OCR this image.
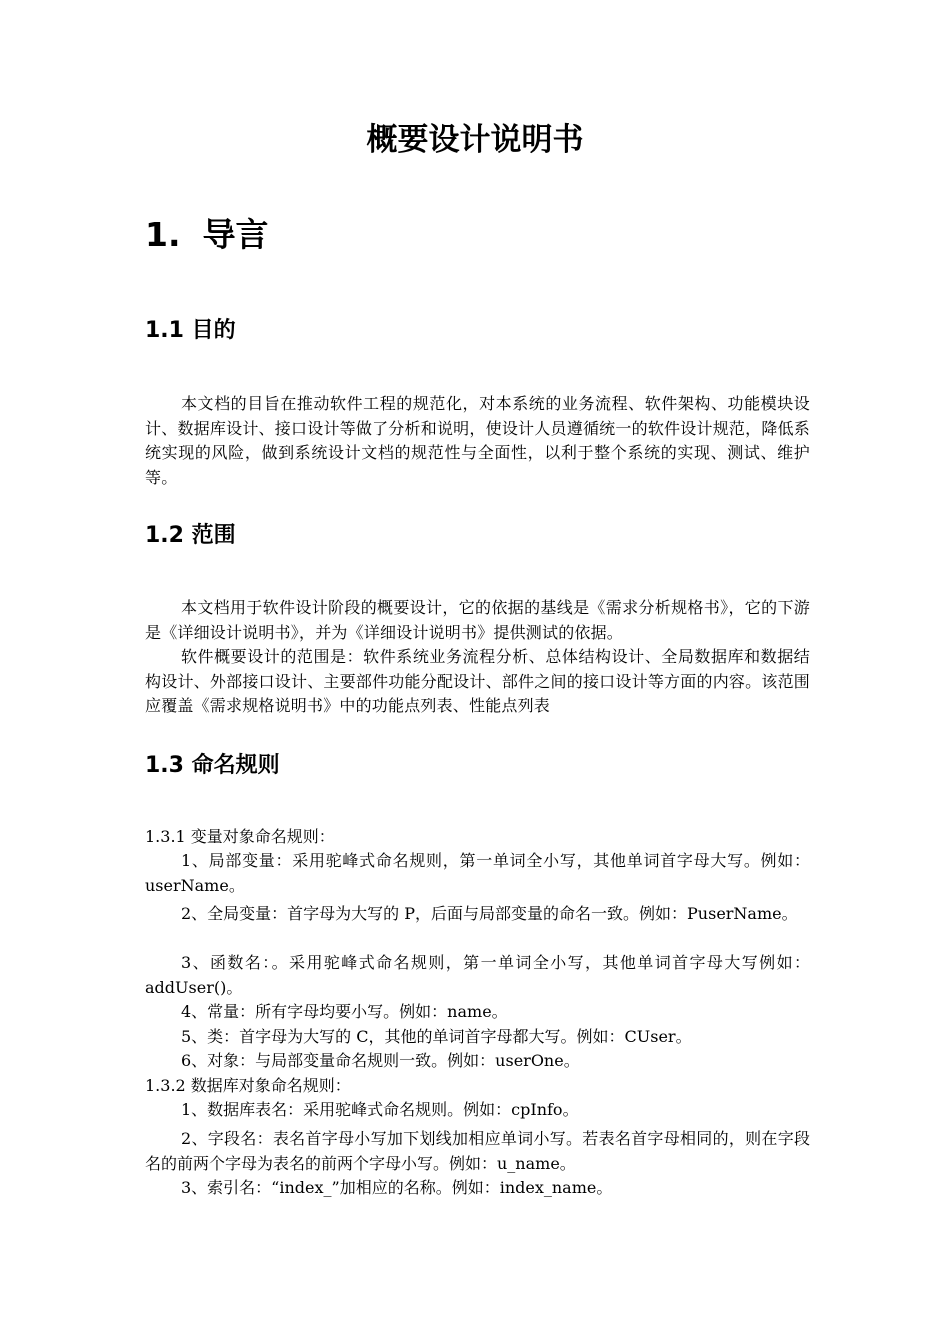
概要设计说明书
1. 导言
1.1 目的
本文档的目旨在推动软件工程的规范化，对本系统的业务流程、软件架构、功能模块设计、数据库设计、接口设计等做了分析和说明，使设计人员遵循统一的软件设计规范，降低系统实现的风险，做到系统设计文档的规范性与全面性，以利于整个系统的实现、测试、维护等。
1.2 范围
本文档用于软件设计阶段的概要设计，它的依据的基线是《需求分析规格书》，它的下游是《详细设计说明书》，并为《详细设计说明书》提供测试的依据。
软件概要设计的范围是：软件系统业务流程分析、总体结构设计、全局数据库和数据结构设计、外部接口设计、主要部件功能分配设计、部件之间的接口设计等方面的内容。该范围应覆盖《需求规格说明书》中的功能点列表、性能点列表
1.3 命名规则
1.3.1 变量对象命名规则：
1、局部变量：采用驼峰式命名规则，第一单词全小写，其他单词首字母大写。例如：userName。
2、全局变量：首字母为大写的 P，后面与局部变量的命名一致。例如：PuserName。
3、函数名：。采用驼峰式命名规则，第一单词全小写，其他单词首字母大写例如：addUser()。
4、常量：所有字母均要小写。例如：name。
5、类：首字母为大写的 C，其他的单词首字母都大写。例如：CUser。
6、对象：与局部变量命名规则一致。例如：userOne。
1.3.2 数据库对象命名规则：
1、数据库表名：采用驼峰式命名规则。例如：cpInfo。
2、字段名：表名首字母小写加下划线加相应单词小写。若表名首字母相同的，则在字段名的前两个字母为表名的前两个字母小写。例如：u_name。
3、索引名：“index_”加相应的名称。例如：index_name。
